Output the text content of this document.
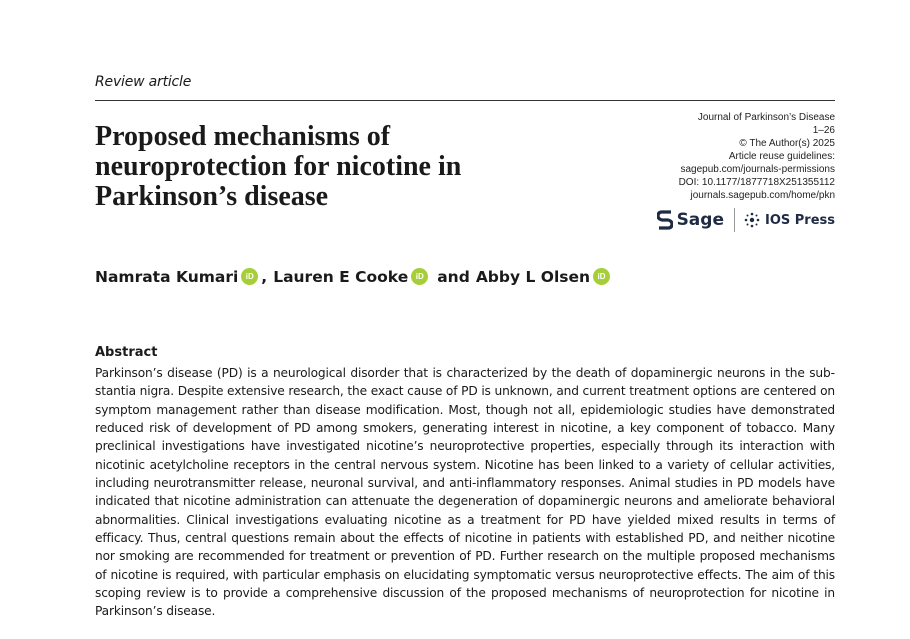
Review article
Proposed mechanisms of neuroprotection for nicotine in Parkinson’s disease
Journal of Parkinson’s Disease
1–26
© The Author(s) 2025
Article reuse guidelines:
sagepub.com/journals-permissions
DOI: 10.1177/1877718X251355112
journals.sagepub.com/home/pkn
Sage	IOS Press
Namrata Kumari iD , Lauren E Cooke iD and Abby L Olsen iD
Abstract

Parkinson’s disease (PD) is a neurological disorder that is characterized by the death of dopaminergic neurons in the substantia nigra. Despite extensive research, the exact cause of PD is unknown, and current treatment options are centered on symptom management rather than disease modification. Most, though not all, epidemiologic studies have demonstrated reduced risk of development of PD among smokers, generating interest in nicotine, a key component of tobacco. Many preclinical investigations have investigated nicotine’s neuroprotective properties, especially through its interaction with nicotinic acetylcholine receptors in the central nervous system. Nicotine has been linked to a variety of cellular activities, including neurotransmitter release, neuronal survival, and anti-inflammatory responses. Animal studies in PD models have indicated that nicotine administration can attenuate the degeneration of dopaminergic neurons and ameliorate behavioral abnormalities. Clinical investigations evaluating nicotine as a treatment for PD have yielded mixed results in terms of efficacy. Thus, central questions remain about the effects of nicotine in patients with established PD, and neither nicotine nor smoking are recommended for treatment or prevention of PD. Further research on the multiple proposed mechanisms of nicotine is required, with particular emphasis on elucidating symptomatic versus neuroprotective effects. The aim of this scoping review is to provide a comprehensive discussion of the proposed mechanisms of neuroprotection for nicotine in Parkinson’s disease.
